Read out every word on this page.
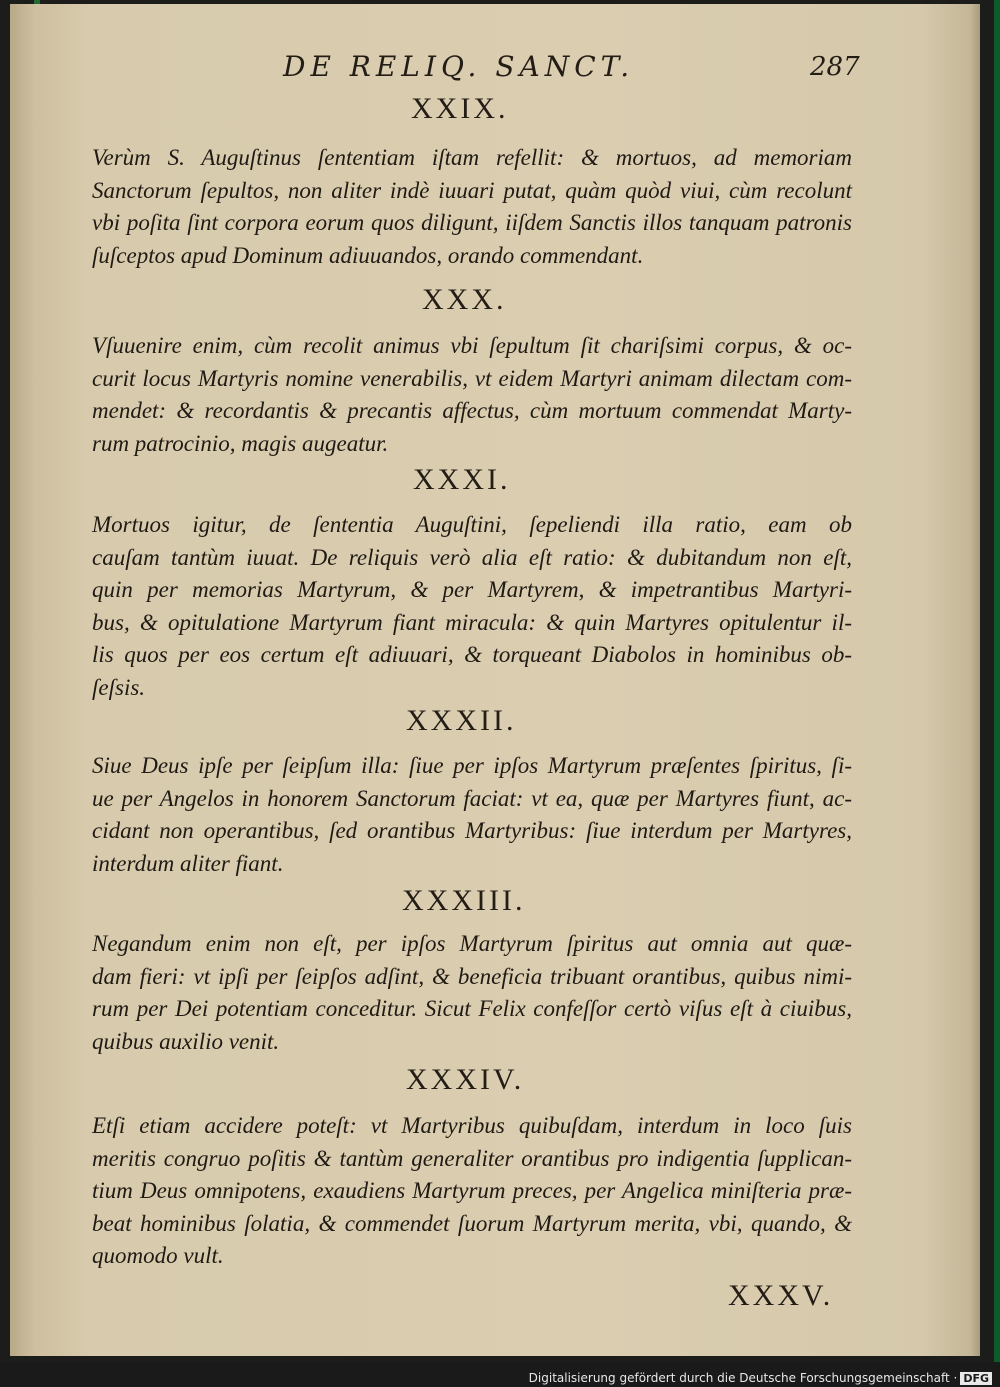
DE RELIQ. SANCT.	287
XXIX.
Verùm S. Auguſtinus ſententiam iſtam refellit: & mortuos, ad memoriam
Sanctorum ſepultos, non aliter indè iuuari putat, quàm quòd viui, cùm recolunt
vbi poſita ſint corpora eorum quos diligunt, iiſdem Sanctis illos tanquam patronis
ſuſceptos apud Dominum adiuuandos, orando commendant.
XXX.
Vſuuenire enim, cùm recolit animus vbi ſepultum ſit chariſsimi corpus, & oc-
curit locus Martyris nomine venerabilis, vt eidem Martyri animam dilectam com-
mendet: & recordantis & precantis affectus, cùm mortuum commendat Marty-
rum patrocinio, magis augeatur.
XXXI.
Mortuos igitur, de ſententia Auguſtini, ſepeliendi illa ratio, eam ob
cauſam tantùm iuuat. De reliquis verò alia eſt ratio: & dubitandum non eſt,
quin per memorias Martyrum, & per Martyrem, & impetrantibus Martyri-
bus, & opitulatione Martyrum fiant miracula: & quin Martyres opitulentur il-
lis quos per eos certum eſt adiuuari, & torqueant Diabolos in hominibus ob-
ſeſsis.
XXXII.
Siue Deus ipſe per ſeipſum illa: ſiue per ipſos Martyrum præſentes ſpiritus, ſi-
ue per Angelos in honorem Sanctorum faciat: vt ea, quæ per Martyres fiunt, ac-
cidant non operantibus, ſed orantibus Martyribus: ſiue interdum per Martyres,
interdum aliter fiant.
XXXIII.
Negandum enim non eſt, per ipſos Martyrum ſpiritus aut omnia aut quæ-
dam fieri: vt ipſi per ſeipſos adſint, & beneficia tribuant orantibus, quibus nimi-
rum per Dei potentiam conceditur. Sicut Felix confeſſor certò viſus eſt à ciuibus,
quibus auxilio venit.
XXXIV.
Etſi etiam accidere poteſt: vt Martyribus quibuſdam, interdum in loco ſuis
meritis congruo poſitis & tantùm generaliter orantibus pro indigentia ſupplican-
tium Deus omnipotens, exaudiens Martyrum preces, per Angelica miniſteria præ-
beat hominibus ſolatia, & commendet ſuorum Martyrum merita, vbi, quando, &
quomodo vult.
XXXV.
Digitalisierung gefördert durch die Deutsche Forschungsgemeinschaft · DFG
